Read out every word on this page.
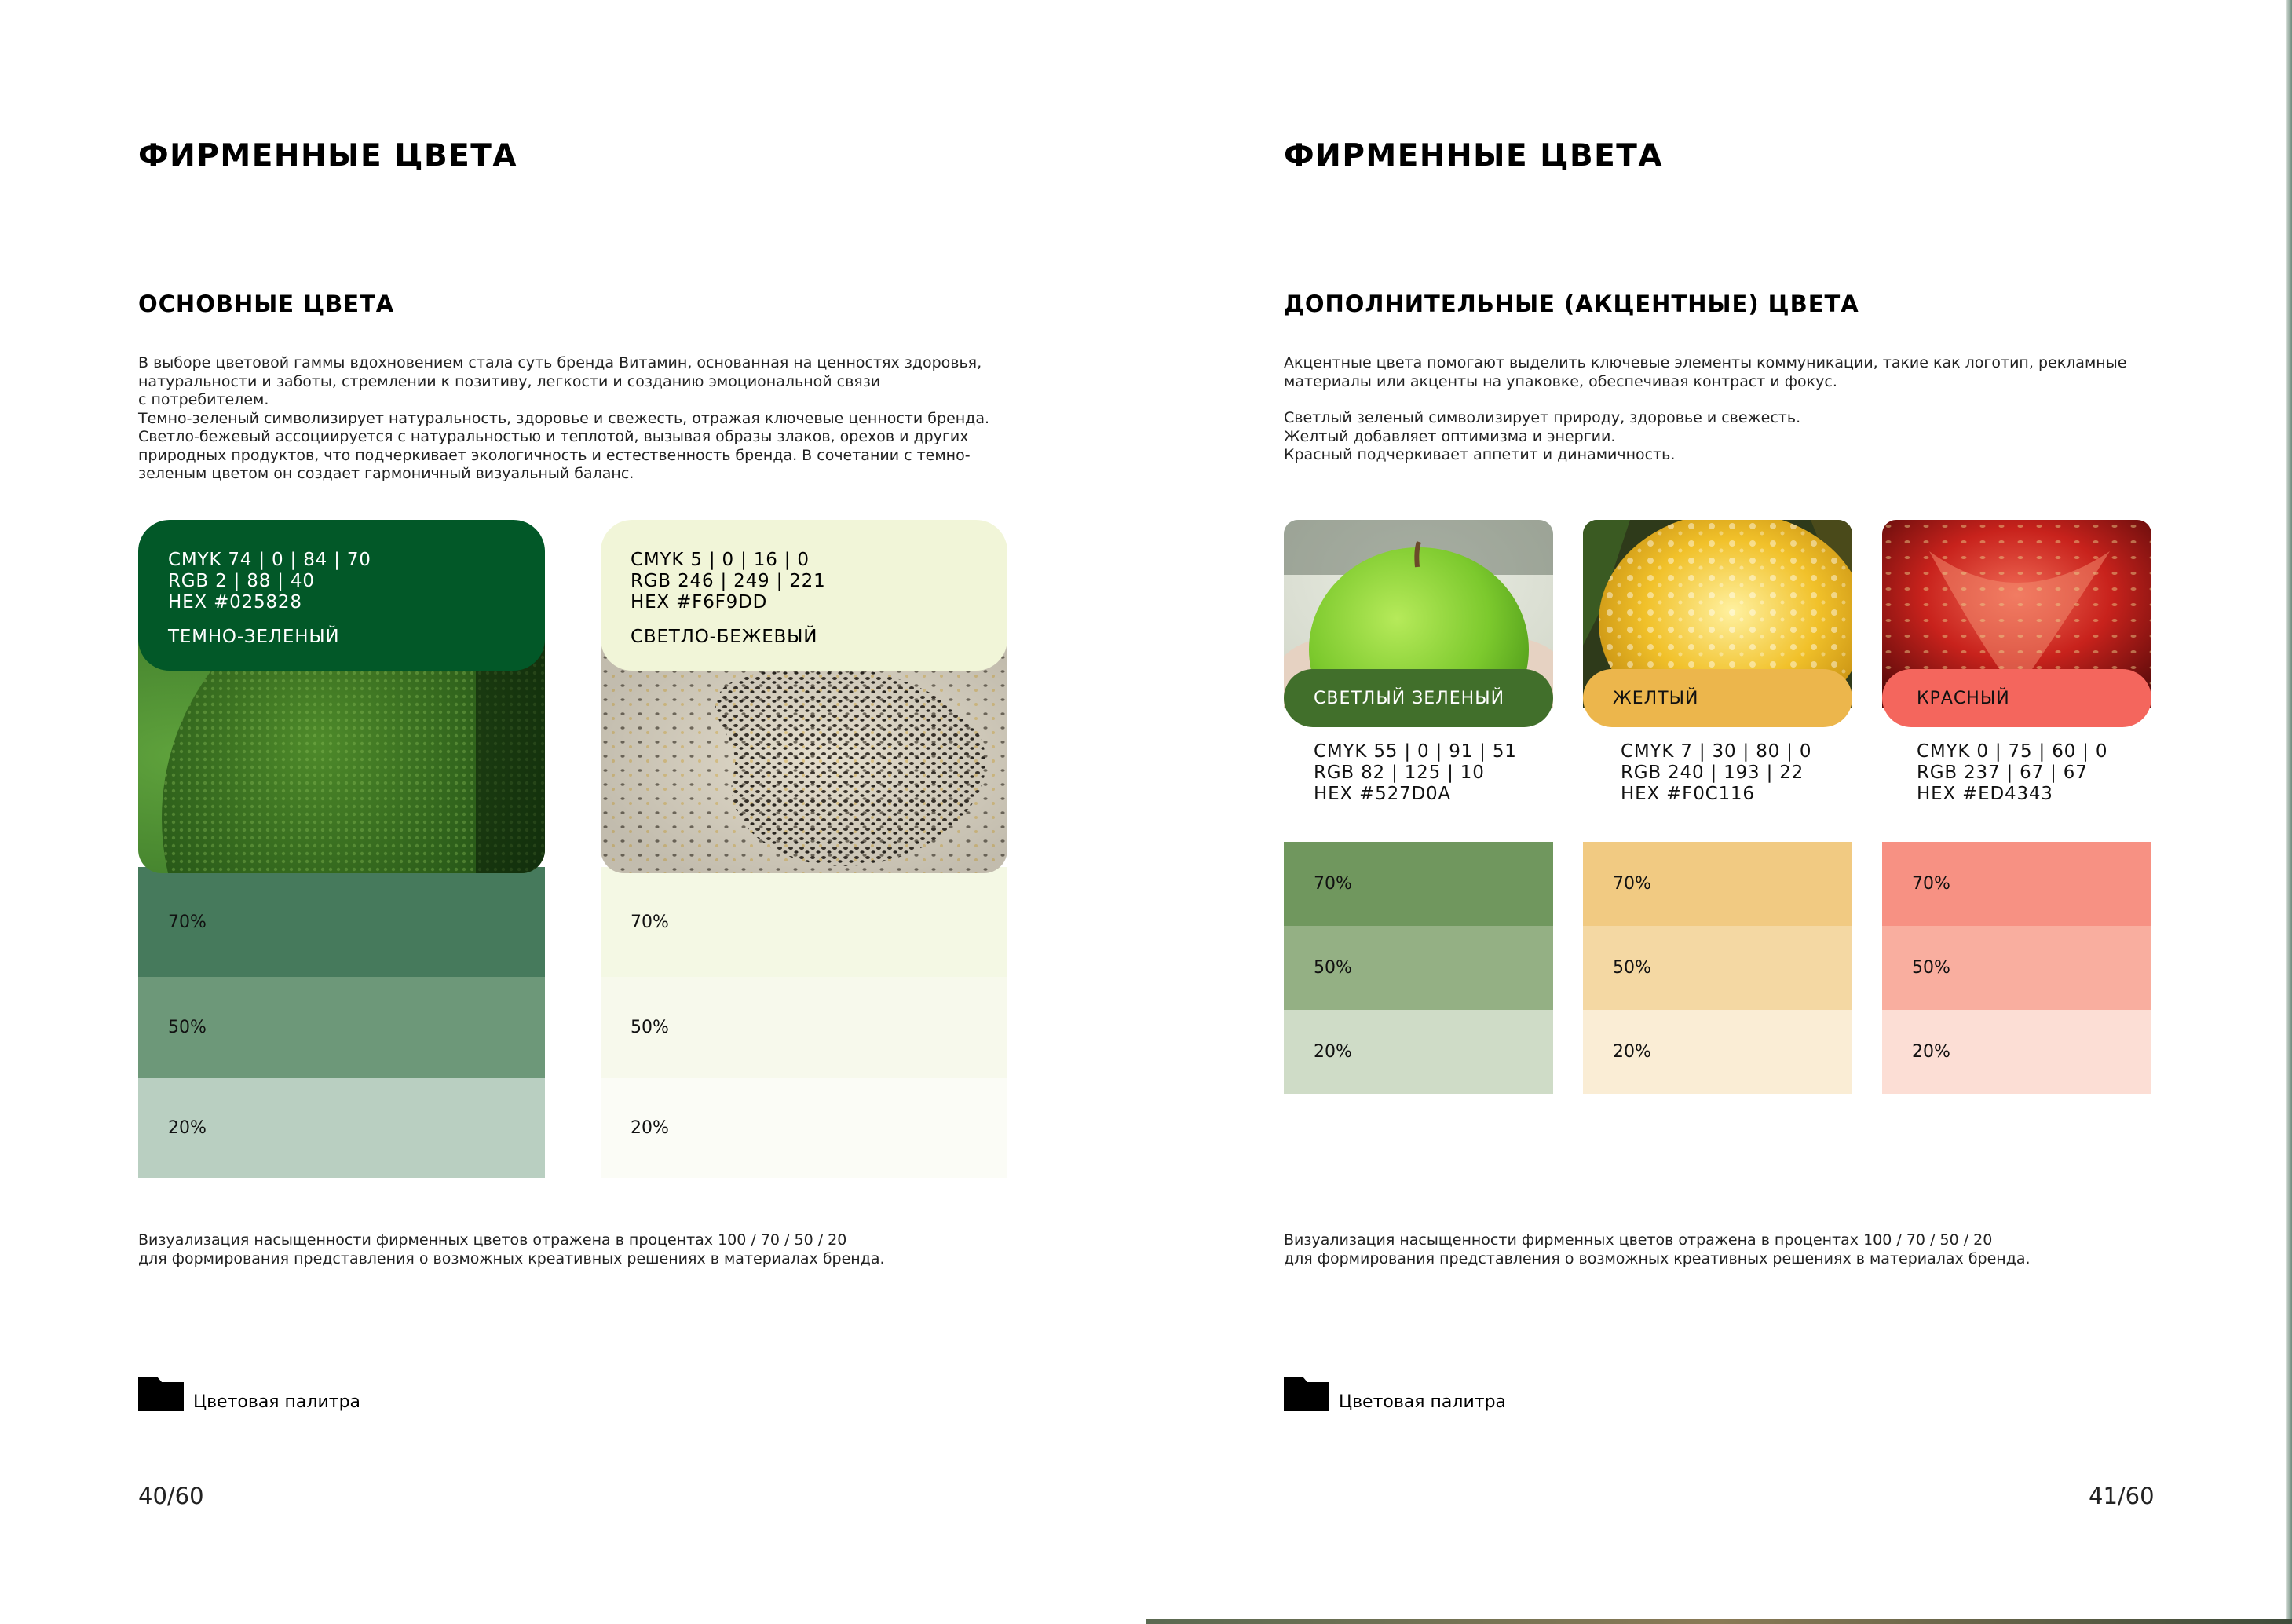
ФИРМЕННЫЕ ЦВЕТА
ОСНОВНЫЕ ЦВЕТА
В выборе цветовой гаммы вдохновением стала суть бренда Витамин, основанная на ценностях здоровья,
натуральности и заботы, стремлении к позитиву, легкости и созданию эмоциональной связи
с потребителем.
Темно-зеленый символизирует натуральность, здоровье и свежесть, отражая ключевые ценности бренда.
Светло-бежевый ассоциируется с натуральностью и теплотой, вызывая образы злаков, орехов и других
природных продуктов, что подчеркивает экологичность и естественность бренда. В сочетании с темно-
зеленым цветом он создает гармоничный визуальный баланс.
70%
50%
20%
CMYK 74 | 0 | 84 | 70
RGB 2 | 88 | 40
HEX #025828
ТЕМНО-ЗЕЛЕНЫЙ
70%
50%
20%
CMYK 5 | 0 | 16 | 0
RGB 246 | 249 | 221
HEX #F6F9DD
СВЕТЛО-БЕЖЕВЫЙ
Визуализация насыщенности фирменных цветов отражена в процентах 100 / 70 / 50 / 20
для формирования представления о возможных креативных решениях в материалах бренда.
Цветовая палитра
40/60
ФИРМЕННЫЕ ЦВЕТА
ДОПОЛНИТЕЛЬНЫЕ (АКЦЕНТНЫЕ) ЦВЕТА
Акцентные цвета помогают выделить ключевые элементы коммуникации, такие как логотип, рекламные
материалы или акценты на упаковке, обеспечивая контраст и фокус.
Светлый зеленый символизирует природу, здоровье и свежесть.
Желтый добавляет оптимизма и энергии.
Красный подчеркивает аппетит и динамичность.
СВЕТЛЫЙ ЗЕЛЕНЫЙ
CMYK 55 | 0 | 91 | 51
RGB 82 | 125 | 10
HEX #527D0A
70%
50%
20%
ЖЕЛТЫЙ
CMYK 7 | 30 | 80 | 0
RGB 240 | 193 | 22
HEX #F0C116
70%
50%
20%
КРАСНЫЙ
CMYK 0 | 75 | 60 | 0
RGB 237 | 67 | 67
HEX #ED4343
70%
50%
20%
Визуализация насыщенности фирменных цветов отражена в процентах 100 / 70 / 50 / 20
для формирования представления о возможных креативных решениях в материалах бренда.
Цветовая палитра
41/60
